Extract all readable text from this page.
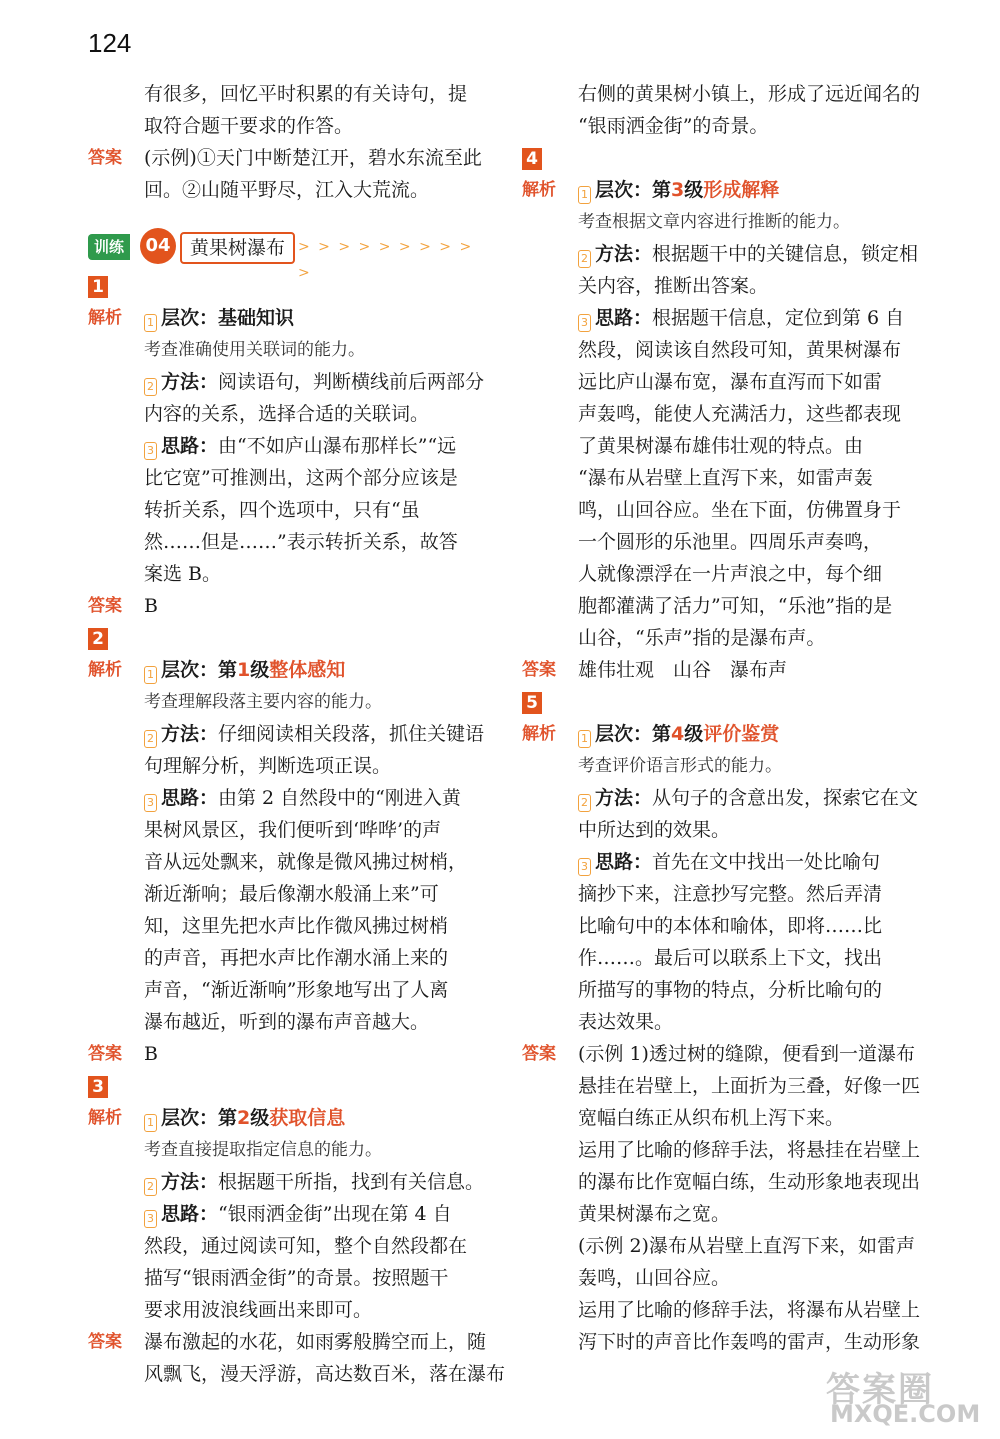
124
有很多，回忆平时积累的有关诗句，提
取符合题干要求的作答。
答案 (示例)①天门中断楚江开，碧水东流至此
回。②山随平野尽，江入大荒流。
训练	04	黄果树瀑布 > > > > > > > > > >
1
解析 1 层次：基础知识
考查准确使用关联词的能力。
2 方法：阅读语句，判断横线前后两部分
内容的关系，选择合适的关联词。
3 思路：由“不如庐山瀑布那样长”“远
比它宽”可推测出，这两个部分应该是
转折关系，四个选项中，只有“虽
然……但是……”表示转折关系，故答
案选 B。
答案 B
2
解析 1 层次：第1级整体感知
考查理解段落主要内容的能力。
2 方法：仔细阅读相关段落，抓住关键语
句理解分析，判断选项正误。
3 思路：由第 2 自然段中的“刚进入黄
果树风景区，我们便听到‘哗哗’的声
音从远处飘来，就像是微风拂过树梢，
渐近渐响；最后像潮水般涌上来”可
知，这里先把水声比作微风拂过树梢
的声音，再把水声比作潮水涌上来的
声音，“渐近渐响”形象地写出了人离
瀑布越近，听到的瀑布声音越大。
答案 B
3
解析 1 层次：第2级获取信息
考查直接提取指定信息的能力。
2 方法：根据题干所指，找到有关信息。
3 思路：“银雨洒金街”出现在第 4 自
然段，通过阅读可知，整个自然段都在
描写“银雨洒金街”的奇景。按照题干
要求用波浪线画出来即可。
答案 瀑布激起的水花，如雨雾般腾空而上，随
风飘飞，漫天浮游，高达数百米，落在瀑布
右侧的黄果树小镇上，形成了远近闻名的
“银雨洒金街”的奇景。
4
解析 1 层次：第3级形成解释
考查根据文章内容进行推断的能力。
2 方法：根据题干中的关键信息，锁定相
关内容，推断出答案。
3 思路：根据题干信息，定位到第 6 自
然段，阅读该自然段可知，黄果树瀑布
远比庐山瀑布宽，瀑布直泻而下如雷
声轰鸣，能使人充满活力，这些都表现
了黄果树瀑布雄伟壮观的特点。由
“瀑布从岩壁上直泻下来，如雷声轰
鸣，山回谷应。坐在下面，仿佛置身于
一个圆形的乐池里。四周乐声奏鸣，
人就像漂浮在一片声浪之中，每个细
胞都灌满了活力”可知，“乐池”指的是
山谷，“乐声”指的是瀑布声。
答案 雄伟壮观　山谷　瀑布声
5
解析 1 层次：第4级评价鉴赏
考查评价语言形式的能力。
2 方法：从句子的含意出发，探索它在文
中所达到的效果。
3 思路：首先在文中找出一处比喻句
摘抄下来，注意抄写完整。然后弄清
比喻句中的本体和喻体，即将……比
作……。最后可以联系上下文，找出
所描写的事物的特点，分析比喻句的
表达效果。
答案 (示例 1)透过树的缝隙，便看到一道瀑布
悬挂在岩壁上，上面折为三叠，好像一匹
宽幅白练正从织布机上泻下来。
运用了比喻的修辞手法，将悬挂在岩壁上
的瀑布比作宽幅白练，生动形象地表现出
黄果树瀑布之宽。
(示例 2)瀑布从岩壁上直泻下来，如雷声
轰鸣，山回谷应。
运用了比喻的修辞手法，将瀑布从岩壁上
泻下时的声音比作轰鸣的雷声，生动形象
答案圈
MXQE.COM
